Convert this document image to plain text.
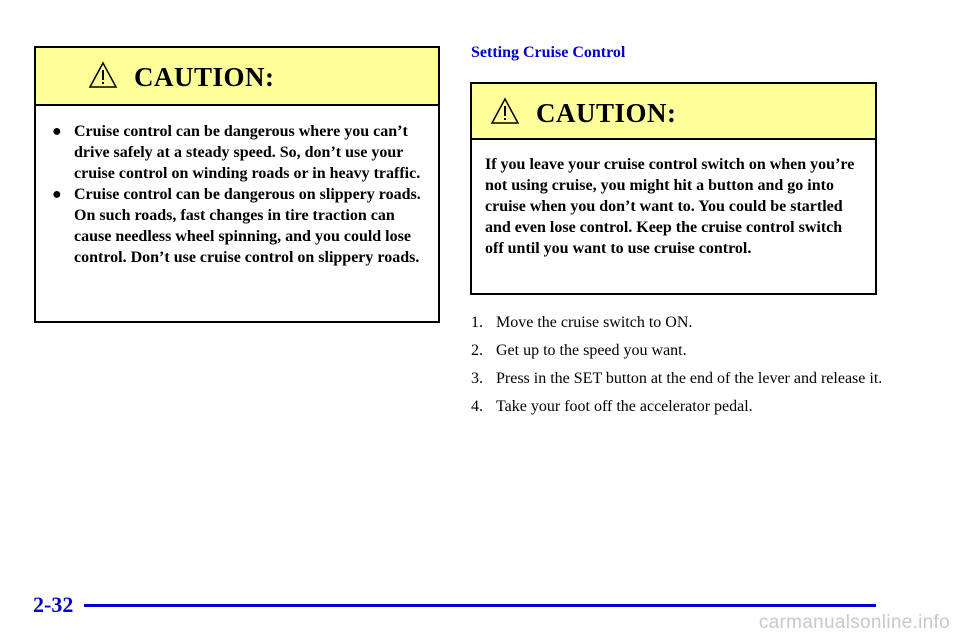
CAUTION:
● Cruise control can be dangerous where you can’t drive safely at a steady speed. So, don’t use your cruise control on winding roads or in heavy traffic.
● Cruise control can be dangerous on slippery roads. On such roads, fast changes in tire traction can cause needless wheel spinning, and you could lose control. Don’t use cruise control on slippery roads.
Setting Cruise Control
CAUTION:
If you leave your cruise control switch on when you’re not using cruise, you might hit a button and go into cruise when you don’t want to. You could be startled and even lose control. Keep the cruise control switch off until you want to use cruise control.
1. Move the cruise switch to ON.
2. Get up to the speed you want.
3. Press in the SET button at the end of the lever and release it.
4. Take your foot off the accelerator pedal.
2-32
carmanualsonline.info
